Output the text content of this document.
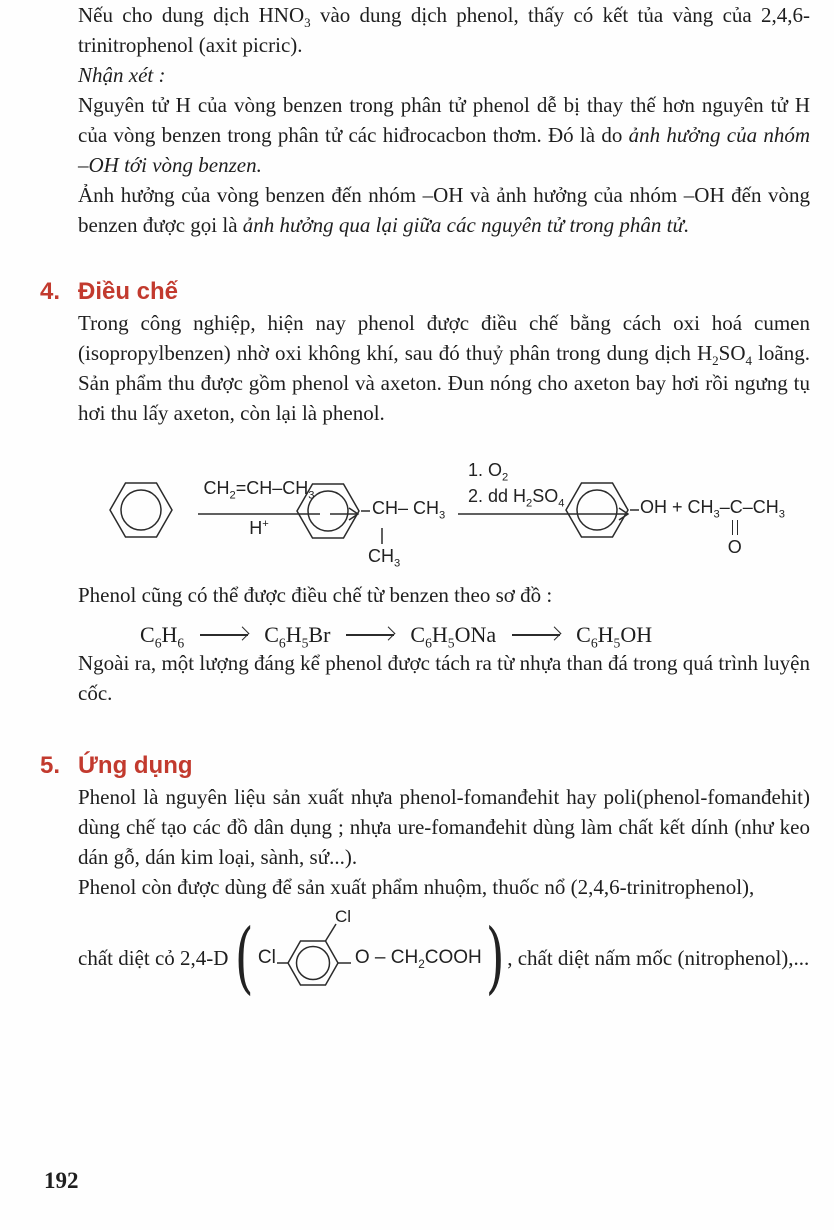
Nếu cho dung dịch $HNO_3$ vào dung dịch phenol, thấy có kết tủa vàng của 2,4,6-trinitrophenol (axit picric).

Nhận xét :

Nguyên tử H của vòng benzen trong phân tử phenol dễ bị thay thế hơn nguyên tử H của vòng benzen trong phân tử các hiđrocacbon thơm. Đó là do ảnh hưởng của nhóm –OH tới vòng benzen.

Ảnh hưởng của vòng benzen đến nhóm –OH và ảnh hưởng của nhóm –OH đến vòng benzen được gọi là ảnh hưởng qua lại giữa các nguyên tử trong phân tử.

4. Điều chế

Trong công nghiệp, hiện nay phenol được điều chế bằng cách oxi hoá cumen (isopropylbenzen) nhờ oxi không khí, sau đó thuỷ phân trong dung dịch $H_2SO_4$ loãng. Sản phẩm thu được gồm phenol và axeton. Đun nóng cho axeton bay hơi rồi ngưng tụ hơi thu lấy axeton, còn lại là phenol.

$CH_2=CH-CH_3$
H+
CH– $CH_3$
$CH_3$
1. $O_2$
2. dd $H_2SO_4$	OH + $CH_3-$ C
O
$-CH_3$

Phenol cũng có thể được điều chế từ benzen theo sơ đồ :

$C_6H_6$	$C_6H_5Br$	$C_6H_5ONa$	$C_6H_5OH$

Ngoài ra, một lượng đáng kể phenol được tách ra từ nhựa than đá trong quá trình luyện cốc.

5. Ứng dụng

Phenol là nguyên liệu sản xuất nhựa phenol-fomanđehit hay poli(phenol-fomanđehit) dùng chế tạo các đồ dân dụng ; nhựa ure-fomanđehit dùng làm chất kết dính (như keo dán gỗ, dán kim loại, sành, sứ...).

Phenol còn được dùng để sản xuất phẩm nhuộm, thuốc nổ (2,4,6-trinitrophenol),

chất diệt cỏ 2,4-D ( Cl
Cl
O – $CH_2COOH$ ) , chất diệt nấm mốc (nitrophenol),...
192
